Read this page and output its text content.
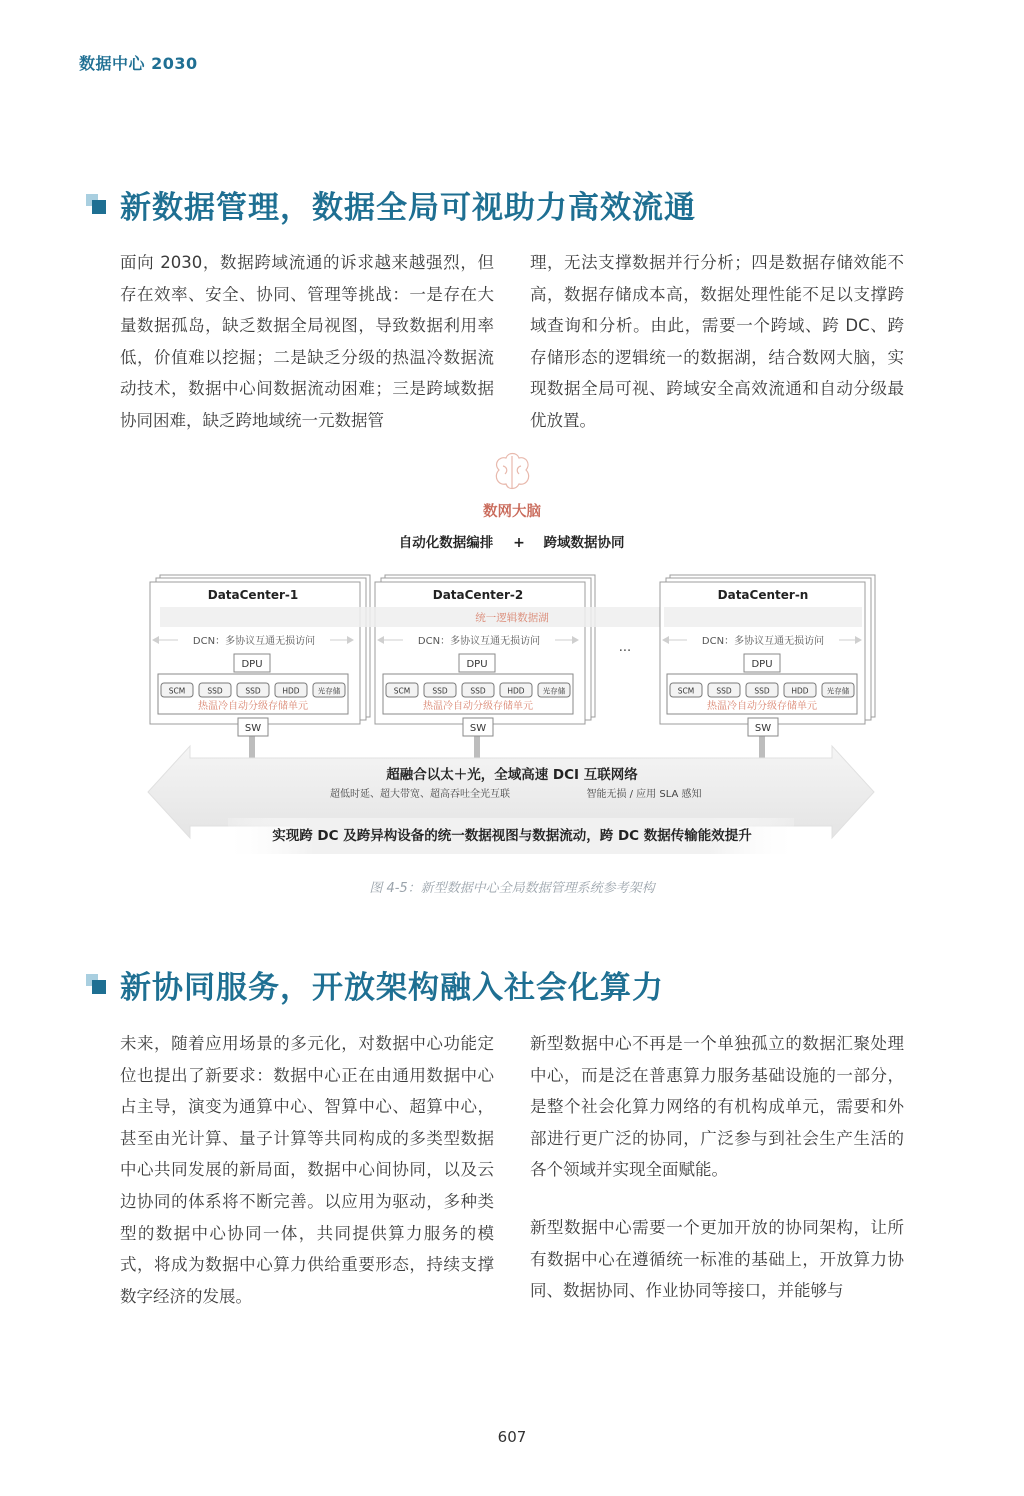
数据中心 2030
新数据管理，数据全局可视助力高效流通

面向 2030，数据跨域流通的诉求越来越强烈，但存在效率、安全、协同、管理等挑战：一是存在大量数据孤岛，缺乏数据全局视图，导致数据利用率低，价值难以挖掘；二是缺乏分级的热温冷数据流动技术，数据中心间数据流动困难；三是跨域数据协同困难，缺乏跨地域统一元数据管

理，无法支撑数据并行分析；四是数据存储效能不高，数据存储成本高，数据处理性能不足以支撑跨域查询和分析。由此，需要一个跨域、跨 DC、跨存储形态的逻辑统一的数据湖，结合数网大脑，实现数据全局可视、跨域安全高效流通和自动分级最优放置。

数网大脑
自动化数据编排 + 跨域数据协同
DataCenter-1
DCN：多协议互通无损访问
DPU
SCM	SSD	SSD	HDD 光存储
热温冷自动分级存储单元
SW
DataCenter-2
DCN：多协议互通无损访问
DPU
SCM	SSD	SSD	HDD 光存储
热温冷自动分级存储单元
SW
统一逻辑数据湖
···
DataCenter-n
DCN：多协议互通无损访问
DPU
SCM	SSD	SSD	HDD 光存储
热温冷自动分级存储单元
SW
超融合以太＋光，全域高速 DCI 互联网络
超低时延、超大带宽、超高吞吐全光互联	智能无损 / 应用 SLA 感知
实现跨 DC 及跨异构设备的统一数据视图与数据流动，跨 DC 数据传输能效提升
图 4-5：新型数据中心全局数据管理系统参考架构
新协同服务，开放架构融入社会化算力

未来，随着应用场景的多元化，对数据中心功能定位也提出了新要求：数据中心正在由通用数据中心占主导，演变为通算中心、智算中心、超算中心，甚至由光计算、量子计算等共同构成的多类型数据中心共同发展的新局面，数据中心间协同，以及云边协同的体系将不断完善。以应用为驱动，多种类型的数据中心协同一体，共同提供算力服务的模式，将成为数据中心算力供给重要形态，持续支撑数字经济的发展。

新型数据中心不再是一个单独孤立的数据汇聚处理中心，而是泛在普惠算力服务基础设施的一部分，是整个社会化算力网络的有机构成单元，需要和外部进行更广泛的协同，广泛参与到社会生产生活的各个领域并实现全面赋能。

新型数据中心需要一个更加开放的协同架构，让所有数据中心在遵循统一标准的基础上，开放算力协同、数据协同、作业协同等接口，并能够与

607
